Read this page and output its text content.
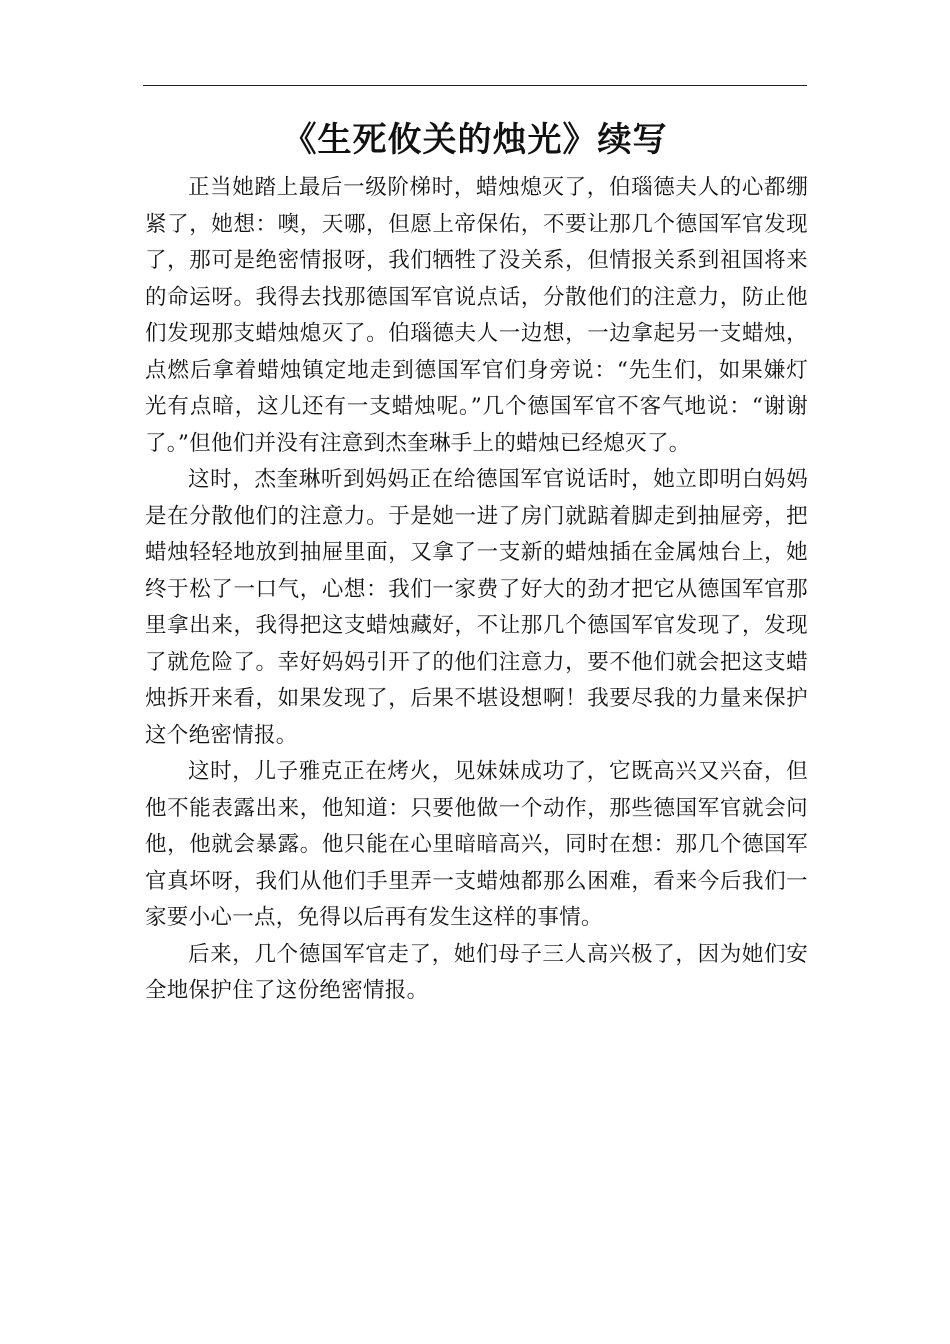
《生死攸关的烛光》续写

正当她踏上最后一级阶梯时，蜡烛熄灭了，伯瑙德夫人的心都绷紧了，她想：噢，天哪，但愿上帝保佑，不要让那几个德国军官发现了，那可是绝密情报呀，我们牺牲了没关系，但情报关系到祖国将来的命运呀。我得去找那德国军官说点话，分散他们的注意力，防止他们发现那支蜡烛熄灭了。伯瑙德夫人一边想，一边拿起另一支蜡烛，点燃后拿着蜡烛镇定地走到德国军官们身旁说：“先生们，如果嫌灯光有点暗，这儿还有一支蜡烛呢。”几个德国军官不客气地说：“谢谢了。”但他们并没有注意到杰奎琳手上的蜡烛已经熄灭了。

这时，杰奎琳听到妈妈正在给德国军官说话时，她立即明白妈妈是在分散他们的注意力。于是她一进了房门就踮着脚走到抽屉旁，把蜡烛轻轻地放到抽屉里面，又拿了一支新的蜡烛插在金属烛台上，她终于松了一口气，心想：我们一家费了好大的劲才把它从德国军官那里拿出来，我得把这支蜡烛藏好，不让那几个德国军官发现了，发现了就危险了。幸好妈妈引开了的他们注意力，要不他们就会把这支蜡烛拆开来看，如果发现了，后果不堪设想啊！我要尽我的力量来保护这个绝密情报。

这时，儿子雅克正在烤火，见妹妹成功了，它既高兴又兴奋，但他不能表露出来，他知道：只要他做一个动作，那些德国军官就会问他，他就会暴露。他只能在心里暗暗高兴，同时在想：那几个德国军官真坏呀，我们从他们手里弄一支蜡烛都那么困难，看来今后我们一家要小心一点，免得以后再有发生这样的事情。

后来，几个德国军官走了，她们母子三人高兴极了，因为她们安全地保护住了这份绝密情报。
